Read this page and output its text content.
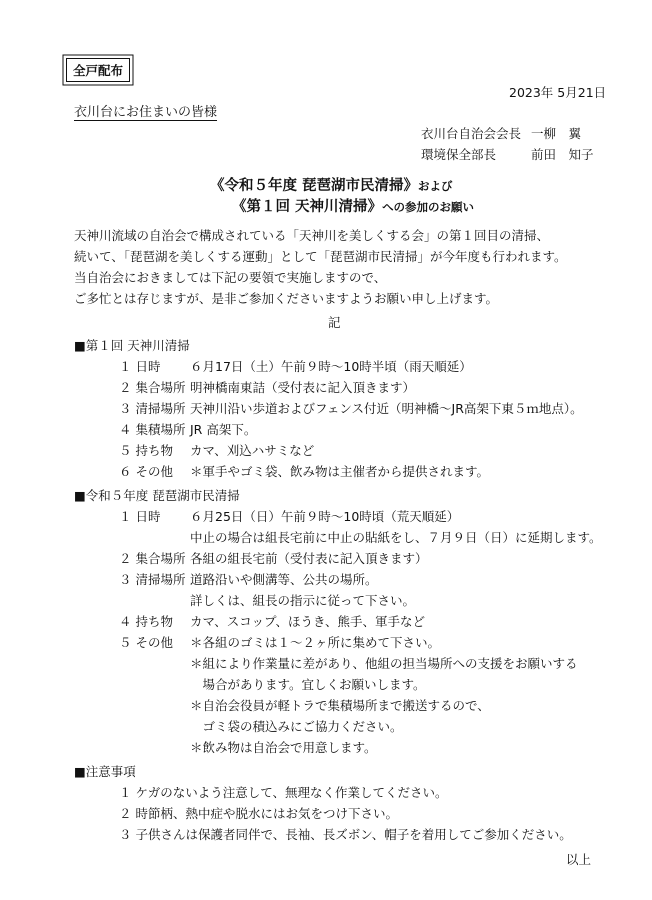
全戸配布
2023年 5月21日
衣川台にお住まいの皆様
衣川台自治会会長 一柳　翼
環境保全部長	前田　知子
《令和５年度 琵琶湖市民清掃》および
《第１回 天神川清掃》への参加のお願い
天神川流域の自治会で構成されている「天神川を美しくする会」の第１回目の清掃、
続いて、「琵琶湖を美しくする運動」として「琵琶湖市民清掃」が今年度も行われます。
当自治会におきましては下記の要領で実施しますので、
ご多忙とは存じますが、是非ご参加くださいますようお願い申し上げます。
記
■第１回 天神川清掃
１ 日時 ６月17日（土）午前９時～10時半頃（雨天順延）
２ 集合場所 明神橋南東詰（受付表に記入頂きます）
３ 清掃場所 天神川沿い歩道およびフェンス付近（明神橋～JR高架下東５ｍ地点）。
４ 集積場所 JR 高架下。
５ 持ち物 カマ、刈込ハサミなど
６ その他 ＊軍手やゴミ袋、飲み物は主催者から提供されます。
■令和５年度 琵琶湖市民清掃
１ 日時 ６月25日（日）午前９時～10時頃（荒天順延）
中止の場合は組長宅前に中止の貼紙をし、７月９日（日）に延期します。
２ 集合場所 各組の組長宅前（受付表に記入頂きます）
３ 清掃場所 道路沿いや側溝等、公共の場所。
詳しくは、組長の指示に従って下さい。
４ 持ち物 カマ、スコップ、ほうき、熊手、軍手など
５ その他 ＊各組のゴミは１～２ヶ所に集めて下さい。
＊組により作業量に差があり、他組の担当場所への支援をお願いする
　場合があります。宜しくお願いします。
＊自治会役員が軽トラで集積場所まで搬送するので、
　ゴミ袋の積込みにご協力ください。
＊飲み物は自治会で用意します。
■注意事項
１ ケガのないよう注意して、無理なく作業してください。
２ 時節柄、熱中症や脱水にはお気をつけ下さい。
３ 子供さんは保護者同伴で、長袖、長ズボン、帽子を着用してご参加ください。
以上
